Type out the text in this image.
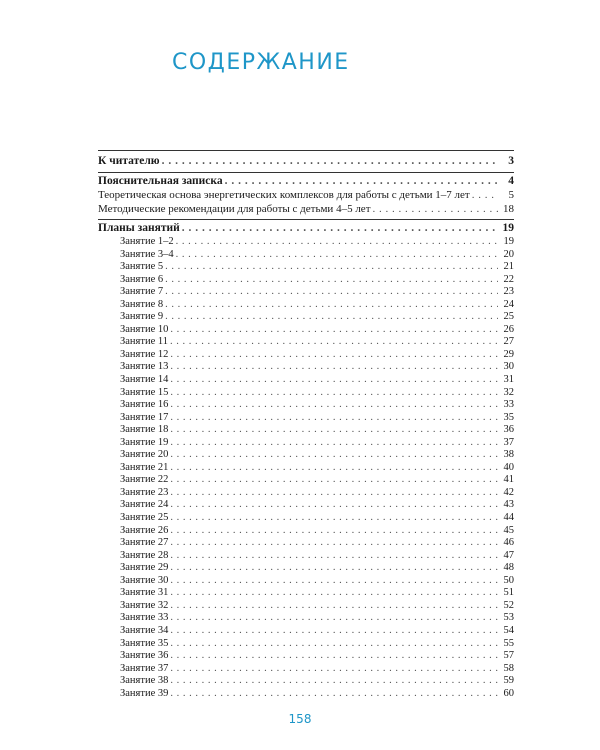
СОДЕРЖАНИЕ
К читателю . . .	3
Пояснительная записка . . .	4
Теоретическая основа энергетических комплексов для работы с детьми 1–7 лет . . .	5
Методические рекомендации для работы с детьми 4–5 лет . . .	18
Планы занятий . . .	19
Занятие 1–2 . . .	19
Занятие 3–4 . . .	20
Занятие 5 . . .	21
Занятие 6 . . .	22
Занятие 7 . . .	23
Занятие 8 . . .	24
Занятие 9 . . .	25
Занятие 10 . . .	26
Занятие 11 . . .	27
Занятие 12 . . .	29
Занятие 13 . . .	30
Занятие 14 . . .	31
Занятие 15 . . .	32
Занятие 16 . . .	33
Занятие 17 . . .	35
Занятие 18 . . .	36
Занятие 19 . . .	37
Занятие 20 . . .	38
Занятие 21 . . .	40
Занятие 22 . . .	41
Занятие 23 . . .	42
Занятие 24 . . .	43
Занятие 25 . . .	44
Занятие 26 . . .	45
Занятие 27 . . .	46
Занятие 28 . . .	47
Занятие 29 . . .	48
Занятие 30 . . .	50
Занятие 31 . . .	51
Занятие 32 . . .	52
Занятие 33 . . .	53
Занятие 34 . . .	54
Занятие 35 . . .	55
Занятие 36 . . .	57
Занятие 37 . . .	58
Занятие 38 . . .	59
Занятие 39 . . .	60
158
